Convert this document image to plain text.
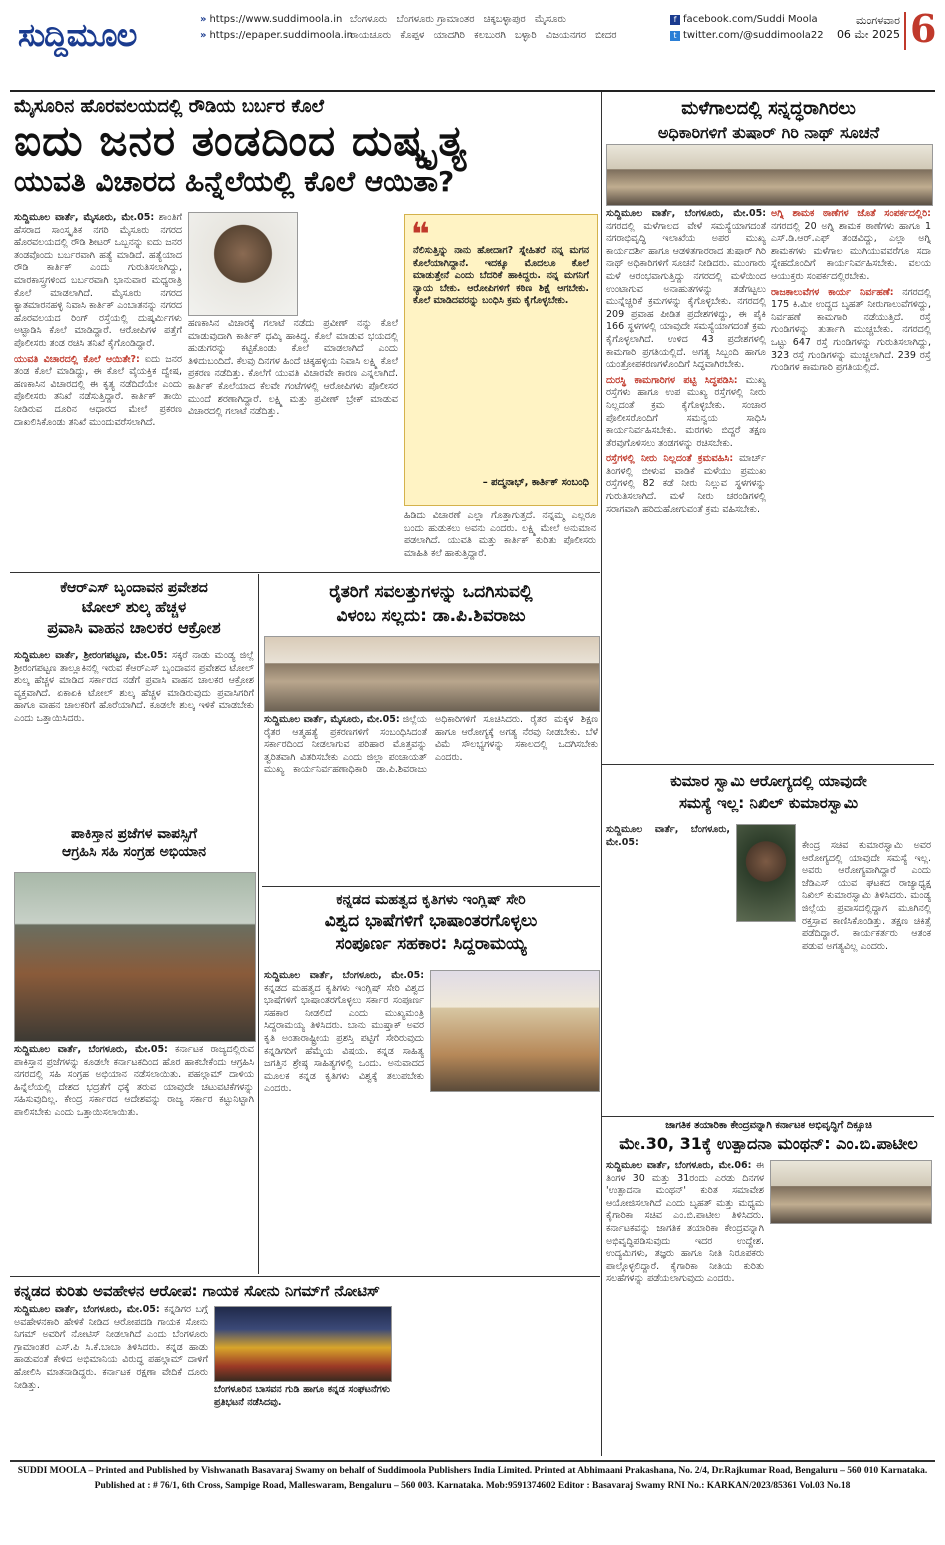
ಸುದ್ದಿಮೂಲ	» https://www.suddimoola.in
» https://epaper.suddimoola.in
ಬೆಂಗಳೂರು ಬೆಂಗಳೂರು ಗ್ರಾಮಾಂತರ ಚಿಕ್ಕಬಳ್ಳಾಪುರ ಮೈಸೂರು
ರಾಯಚೂರು ಕೊಪ್ಪಳ ಯಾದಗಿರಿ ಕಲಬುರಗಿ ಬಳ್ಳಾರಿ ವಿಜಯನಗರ ಬೀದರ
f facebook.com/Suddi Moola
t twitter.com/@suddimoola22
ಮಂಗಳವಾರ
06 ಮೇ 2025 6
ಮೈಸೂರಿನ ಹೊರವಲಯದಲ್ಲಿ ರೌಡಿಯ ಬರ್ಬರ ಕೊಲೆ
ಐದು ಜನರ ತಂಡದಿಂದ ದುಷ್ಕೃತ್ಯ
ಯುವತಿ ವಿಚಾರದ ಹಿನ್ನೆಲೆಯಲ್ಲಿ ಕೊಲೆ ಆಯಿತಾ?

ಸುದ್ದಿಮೂಲ ವಾರ್ತೆ, ಮೈಸೂರು, ಮೇ.05: ಶಾಂತಿಗೆ ಹೆಸರಾದ ಸಾಂಸ್ಕೃತಿಕ ನಗರಿ ಮೈಸೂರು ನಗರದ ಹೊರವಲಯದಲ್ಲಿ ರೌಡಿ ಶೀಟರ್ ಒಬ್ಬನನ್ನು ಐದು ಜನರ ತಂಡವೊಂದು ಬರ್ಬರವಾಗಿ ಹತ್ಯೆ ಮಾಡಿದೆ. ಹತ್ಯೆಯಾದ ರೌಡಿ ಕಾರ್ತಿಕ್ ಎಂದು ಗುರುತಿಸಲಾಗಿದ್ದು, ಮಾರಕಾಸ್ತ್ರಗಳಿಂದ ಬರ್ಬರವಾಗಿ ಭಾನುವಾರ ಮಧ್ಯರಾತ್ರಿ ಕೊಲೆ ಮಾಡಲಾಗಿದೆ. ಮೈಸೂರು ನಗರದ ಕ್ಯಾತಮಾರನಹಳ್ಳಿ ನಿವಾಸಿ ಕಾರ್ತಿಕ್ ಎಂಬಾತನನ್ನು ನಗರದ ಹೊರವಲಯದ ರಿಂಗ್ ರಸ್ತೆಯಲ್ಲಿ ದುಷ್ಕರ್ಮಿಗಳು ಅಟ್ಟಾಡಿಸಿ ಕೊಲೆ ಮಾಡಿದ್ದಾರೆ. ಆರೋಪಿಗಳ ಪತ್ತೆಗೆ ಪೊಲೀಸರು ತಂಡ ರಚಿಸಿ ತನಿಖೆ ಕೈಗೊಂಡಿದ್ದಾರೆ.

ಯುವತಿ ವಿಚಾರದಲ್ಲಿ ಕೊಲೆ ಆಯಿತೇ?: ಐದು ಜನರ ತಂಡ ಕೊಲೆ ಮಾಡಿದ್ದು, ಈ ಕೊಲೆ ವೈಯಕ್ತಿಕ ದ್ವೇಷ, ಹಣಕಾಸಿನ ವಿಚಾರದಲ್ಲಿ ಈ ಕೃತ್ಯ ನಡೆದಿದೆಯೇ ಎಂದು ಪೊಲೀಸರು ತನಿಖೆ ನಡೆಸುತ್ತಿದ್ದಾರೆ. ಕಾರ್ತಿಕ್ ತಾಯಿ ನೀಡಿರುವ ದೂರಿನ ಆಧಾರದ ಮೇಲೆ ಪ್ರಕರಣ ದಾಖಲಿಸಿಕೊಂಡು ತನಿಖೆ ಮುಂದುವರೆಸಲಾಗಿದೆ.

ಹಣಕಾಸಿನ ವಿಚಾರಕ್ಕೆ ಗಲಾಟೆ ನಡೆದು ಪ್ರವೀಣ್ ನನ್ನು ಕೊಲೆ ಮಾಡುವುದಾಗಿ ಕಾರ್ತಿಕ್ ಧಮ್ಕಿ ಹಾಕಿದ್ದ. ಕೊಲೆ ಮಾಡುವ ಭಯದಲ್ಲಿ ಹುಡುಗರನ್ನು ಕಟ್ಟಿಕೊಂಡು ಕೊಲೆ ಮಾಡಲಾಗಿದೆ ಎಂದು ತಿಳಿದುಬಂದಿದೆ. ಕೆಲವು ದಿನಗಳ ಹಿಂದೆ ಚಿಕ್ಕಹಳ್ಳಿಯ ನಿವಾಸಿ ಲಕ್ಷ್ಮಿ ಕೊಲೆ ಪ್ರಕರಣ ನಡೆದಿತ್ತು. ಕೊಲೆಗೆ ಯುವತಿ ವಿಚಾರವೇ ಕಾರಣ ಎನ್ನಲಾಗಿದೆ. ಕಾರ್ತಿಕ್ ಕೊಲೆಯಾದ ಕೆಲವೇ ಗಂಟೆಗಳಲ್ಲಿ ಆರೋಪಿಗಳು ಪೊಲೀಸರ ಮುಂದೆ ಶರಣಾಗಿದ್ದಾರೆ. ಲಕ್ಷ್ಮಿ ಮತ್ತು ಪ್ರವೀಣ್ ಬ್ರೇಕ್ ಮಾಡುವ ವಿಚಾರದಲ್ಲಿ ಗಲಾಟೆ ನಡೆದಿತ್ತು.

❝
ನೆಲಿಸುತ್ತಿನ್ನು ನಾನು ಹೋದಾಗ? ಸ್ನೇಹಿತರೆ ನನ್ನ ಮಗನ ಕೊಲೆಯಾಗಿದ್ದಾನೆ. ಇದಕ್ಕೂ ಮೊದಲೂ ಕೊಲೆ ಮಾಡುತ್ತೇನೆ ಎಂದು ಬೆದರಿಕೆ ಹಾಕಿದ್ದರು. ನನ್ನ ಮಗನಿಗೆ ನ್ಯಾಯ ಬೇಕು. ಆರೋಪಿಗಳಿಗೆ ಕಠಿಣ ಶಿಕ್ಷೆ ಆಗಬೇಕು. ಕೊಲೆ ಮಾಡಿದವರನ್ನು ಬಂಧಿಸಿ ಕ್ರಮ ಕೈಗೊಳ್ಳಬೇಕು.
– ಪದ್ಮನಾಭ್, ಕಾರ್ತಿಕ್ ಸಂಬಂಧಿ

ಹಿಡಿದು ವಿಚಾರಣೆ ಎಲ್ಲಾ ಗೊತ್ತಾಗುತ್ತದೆ. ನನ್ನಮ್ಮ ಎಲ್ಲರೂ ಬಂದು ಹುಡುಕಲು ಅವನು ಎಂದರು. ಲಕ್ಷ್ಮಿ ಮೇಲೆ ಅನುಮಾನ ಪಡಲಾಗಿದೆ. ಯುವತಿ ಮತ್ತು ಕಾರ್ತಿಕ್ ಕುರಿತು ಪೊಲೀಸರು ಮಾಹಿತಿ ಕಲೆ ಹಾಕುತ್ತಿದ್ದಾರೆ.

ಮಳೆಗಾಲದಲ್ಲಿ ಸನ್ನದ್ಧರಾಗಿರಲು
ಅಧಿಕಾರಿಗಳಿಗೆ ತುಷಾರ್ ಗಿರಿ ನಾಥ್ ಸೂಚನೆ

ಸುದ್ದಿಮೂಲ ವಾರ್ತೆ, ಬೆಂಗಳೂರು, ಮೇ.05: ನಗರದಲ್ಲಿ ಮಳೆಗಾಲದ ವೇಳೆ ಸಮಸ್ಯೆಯಾಗದಂತೆ ನಗರಾಭಿವೃದ್ಧಿ ಇಲಾಖೆಯ ಅಪರ ಮುಖ್ಯ ಕಾರ್ಯದರ್ಶಿ ಹಾಗೂ ಆಡಳಿತಗಾರರಾದ ತುಷಾರ್ ಗಿರಿ ನಾಥ್ ಅಧಿಕಾರಿಗಳಿಗೆ ಸೂಚನೆ ನೀಡಿದರು. ಮುಂಗಾರು ಮಳೆ ಆರಂಭವಾಗುತ್ತಿದ್ದು ನಗರದಲ್ಲಿ ಮಳೆಯಿಂದ ಉಂಟಾಗುವ ಅನಾಹುತಗಳನ್ನು ತಡೆಗಟ್ಟಲು ಮುನ್ನೆಚ್ಚರಿಕೆ ಕ್ರಮಗಳನ್ನು ಕೈಗೊಳ್ಳಬೇಕು. ನಗರದಲ್ಲಿ 209 ಪ್ರವಾಹ ಪೀಡಿತ ಪ್ರದೇಶಗಳಿದ್ದು, ಈ ಪೈಕಿ 166 ಸ್ಥಳಗಳಲ್ಲಿ ಯಾವುದೇ ಸಮಸ್ಯೆಯಾಗದಂತೆ ಕ್ರಮ ಕೈಗೊಳ್ಳಲಾಗಿದೆ. ಉಳಿದ 43 ಪ್ರದೇಶಗಳಲ್ಲಿ ಕಾಮಗಾರಿ ಪ್ರಗತಿಯಲ್ಲಿದೆ. ಅಗತ್ಯ ಸಿಬ್ಬಂದಿ ಹಾಗೂ ಯಂತ್ರೋಪಕರಣಗಳೊಂದಿಗೆ ಸಿದ್ಧವಾಗಿರಬೇಕು.

ದುರಸ್ಥಿ ಕಾಮಗಾರಿಗಳ ಪಟ್ಟಿ ಸಿದ್ಧಪಡಿಸಿ: ಮುಖ್ಯ ರಸ್ತೆಗಳು ಹಾಗೂ ಉಪ ಮುಖ್ಯ ರಸ್ತೆಗಳಲ್ಲಿ ನೀರು ನಿಲ್ಲದಂತೆ ಕ್ರಮ ಕೈಗೊಳ್ಳಬೇಕು. ಸಂಚಾರ ಪೊಲೀಸರೊಂದಿಗೆ ಸಮನ್ವಯ ಸಾಧಿಸಿ ಕಾರ್ಯನಿರ್ವಹಿಸಬೇಕು. ಮರಗಳು ಬಿದ್ದರೆ ತಕ್ಷಣ ತೆರವುಗೊಳಿಸಲು ತಂಡಗಳನ್ನು ರಚಿಸಬೇಕು.

ರಸ್ತೆಗಳಲ್ಲಿ ನೀರು ನಿಲ್ಲದಂತೆ ಕ್ರಮವಹಿಸಿ: ಮಾರ್ಚ್ ತಿಂಗಳಲ್ಲಿ ಬೀಳುವ ವಾಡಿಕೆ ಮಳೆಯು ಪ್ರಮುಖ ರಸ್ತೆಗಳಲ್ಲಿ 82 ಕಡೆ ನೀರು ನಿಲ್ಲುವ ಸ್ಥಳಗಳನ್ನು ಗುರುತಿಸಲಾಗಿದೆ. ಮಳೆ ನೀರು ಚರಂಡಿಗಳಲ್ಲಿ ಸರಾಗವಾಗಿ ಹರಿದುಹೋಗುವಂತೆ ಕ್ರಮ ವಹಿಸಬೇಕು.

ಅಗ್ನಿ ಶಾಮಕ ಠಾಣೆಗಳ ಜೊತೆ ಸಂಪರ್ಕದಲ್ಲಿರಿ: ನಗರದಲ್ಲಿ 20 ಅಗ್ನಿ ಶಾಮಕ ಠಾಣೆಗಳು ಹಾಗೂ 1 ಎಸ್.ಡಿ.ಆರ್.ಎಫ್ ತಂಡವಿದ್ದು, ಎಲ್ಲಾ ಅಗ್ನಿ ಶಾಮಕಗಳು ಮಳೆಗಾಲ ಮುಗಿಯುವವರೆಗೂ ಸದಾ ಸ್ನೇಹದೊಂದಿಗೆ ಕಾರ್ಯನಿರ್ವಹಿಸಬೇಕು. ವಲಯ ಆಯುಕ್ತರು ಸಂಪರ್ಕದಲ್ಲಿರಬೇಕು.

ರಾಜಕಾಲುವೆಗಳ ಕಾರ್ಯ ನಿರ್ವಹಣೆ: ನಗರದಲ್ಲಿ 175 ಕಿ.ಮೀ ಉದ್ದದ ಬೃಹತ್ ನೀರುಗಾಲುವೆಗಳಿದ್ದು, ನಿರ್ವಹಣೆ ಕಾಮಗಾರಿ ನಡೆಯುತ್ತಿದೆ. ರಸ್ತೆ ಗುಂಡಿಗಳನ್ನು ತುರ್ತಾಗಿ ಮುಚ್ಚಬೇಕು. ನಗರದಲ್ಲಿ ಒಟ್ಟು 647 ರಸ್ತೆ ಗುಂಡಿಗಳನ್ನು ಗುರುತಿಸಲಾಗಿದ್ದು, 323 ರಸ್ತೆ ಗುಂಡಿಗಳನ್ನು ಮುಚ್ಚಲಾಗಿದೆ. 239 ರಸ್ತೆ ಗುಂಡಿಗಳ ಕಾಮಗಾರಿ ಪ್ರಗತಿಯಲ್ಲಿದೆ.

ಕೆಆರ್‌ಎಸ್ ಬೃಂದಾವನ ಪ್ರವೇಶದ
ಟೋಲ್ ಶುಲ್ಕ ಹೆಚ್ಚಳ
ಪ್ರವಾಸಿ ವಾಹನ ಚಾಲಕರ ಆಕ್ರೋಶ

ಸುದ್ದಿಮೂಲ ವಾರ್ತೆ, ಶ್ರೀರಂಗಪಟ್ಟಣ, ಮೇ.05: ಸಕ್ಕರೆ ನಾಡು ಮಂಡ್ಯ ಜಿಲ್ಲೆ ಶ್ರೀರಂಗಪಟ್ಟಣ ತಾಲ್ಲೂಕಿನಲ್ಲಿ ಇರುವ ಕೆಆರ್‌ಎಸ್ ಬೃಂದಾವನ ಪ್ರವೇಶದ ಟೋಲ್ ಶುಲ್ಕ ಹೆಚ್ಚಳ ಮಾಡಿದ ಸರ್ಕಾರದ ನಡೆಗೆ ಪ್ರವಾಸಿ ವಾಹನ ಚಾಲಕರ ಆಕ್ರೋಶ ವ್ಯಕ್ತವಾಗಿದೆ. ಏಕಾಏಕಿ ಟೋಲ್ ಶುಲ್ಕ ಹೆಚ್ಚಳ ಮಾಡಿರುವುದು ಪ್ರವಾಸಿಗರಿಗೆ ಹಾಗೂ ವಾಹನ ಚಾಲಕರಿಗೆ ಹೊರೆಯಾಗಿದೆ. ಕೂಡಲೇ ಶುಲ್ಕ ಇಳಿಕೆ ಮಾಡಬೇಕು ಎಂದು ಒತ್ತಾಯಿಸಿದರು.

ಪಾಕಿಸ್ತಾನ ಪ್ರಜೆಗಳ ವಾಪಸ್ಸಿಗೆ
ಆಗ್ರಹಿಸಿ ಸಹಿ ಸಂಗ್ರಹ ಅಭಿಯಾನ

ಸುದ್ದಿಮೂಲ ವಾರ್ತೆ, ಬೆಂಗಳೂರು, ಮೇ.05: ಕರ್ನಾಟಕ ರಾಜ್ಯದಲ್ಲಿರುವ ಪಾಕಿಸ್ತಾನ ಪ್ರಜೆಗಳನ್ನು ಕೂಡಲೇ ಕರ್ನಾಟಕದಿಂದ ಹೊರ ಹಾಕಬೇಕೆಂದು ಆಗ್ರಹಿಸಿ ನಗರದಲ್ಲಿ ಸಹಿ ಸಂಗ್ರಹ ಅಭಿಯಾನ ನಡೆಸಲಾಯಿತು. ಪಹಲ್ಗಾಮ್ ದಾಳಿಯ ಹಿನ್ನೆಲೆಯಲ್ಲಿ ದೇಶದ ಭದ್ರತೆಗೆ ಧಕ್ಕೆ ತರುವ ಯಾವುದೇ ಚಟುವಟಿಕೆಗಳನ್ನು ಸಹಿಸುವುದಿಲ್ಲ. ಕೇಂದ್ರ ಸರ್ಕಾರದ ಆದೇಶವನ್ನು ರಾಜ್ಯ ಸರ್ಕಾರ ಕಟ್ಟುನಿಟ್ಟಾಗಿ ಪಾಲಿಸಬೇಕು ಎಂದು ಒತ್ತಾಯಿಸಲಾಯಿತು.

ರೈತರಿಗೆ ಸವಲತ್ತುಗಳನ್ನು ಒದಗಿಸುವಲ್ಲಿ
ವಿಳಂಬ ಸಲ್ಲದು: ಡಾ.ಪಿ.ಶಿವರಾಜು

ಸುದ್ದಿಮೂಲ ವಾರ್ತೆ, ಮೈಸೂರು, ಮೇ.05: ಜಿಲ್ಲೆಯ ರೈತರ ಆತ್ಮಹತ್ಯೆ ಪ್ರಕರಣಗಳಿಗೆ ಸಂಬಂಧಿಸಿದಂತೆ ಸರ್ಕಾರದಿಂದ ನೀಡಲಾಗುವ ಪರಿಹಾರ ಮೊತ್ತವನ್ನು ತ್ವರಿತವಾಗಿ ವಿತರಿಸಬೇಕು ಎಂದು ಜಿಲ್ಲಾ ಪಂಚಾಯತ್ ಮುಖ್ಯ ಕಾರ್ಯನಿರ್ವಹಣಾಧಿಕಾರಿ ಡಾ.ಪಿ.ಶಿವರಾಜು ಅಧಿಕಾರಿಗಳಿಗೆ ಸೂಚಿಸಿದರು. ರೈತರ ಮಕ್ಕಳ ಶಿಕ್ಷಣ ಹಾಗೂ ಆರೋಗ್ಯಕ್ಕೆ ಅಗತ್ಯ ನೆರವು ನೀಡಬೇಕು. ಬೆಳೆ ವಿಮೆ ಸೌಲಭ್ಯಗಳನ್ನು ಸಕಾಲದಲ್ಲಿ ಒದಗಿಸಬೇಕು ಎಂದರು.

ಕನ್ನಡದ ಮಹತ್ವದ ಕೃತಿಗಳು ಇಂಗ್ಲಿಷ್ ಸೇರಿ
ವಿಶ್ವದ ಭಾಷೆಗಳಿಗೆ ಭಾಷಾಂತರಗೊಳ್ಳಲು
ಸಂಪೂರ್ಣ ಸಹಕಾರ: ಸಿದ್ದರಾಮಯ್ಯ

ಸುದ್ದಿಮೂಲ ವಾರ್ತೆ, ಬೆಂಗಳೂರು, ಮೇ.05: ಕನ್ನಡದ ಮಹತ್ವದ ಕೃತಿಗಳು ಇಂಗ್ಲಿಷ್ ಸೇರಿ ವಿಶ್ವದ ಭಾಷೆಗಳಿಗೆ ಭಾಷಾಂತರಗೊಳ್ಳಲು ಸರ್ಕಾರ ಸಂಪೂರ್ಣ ಸಹಕಾರ ನೀಡಲಿದೆ ಎಂದು ಮುಖ್ಯಮಂತ್ರಿ ಸಿದ್ದರಾಮಯ್ಯ ತಿಳಿಸಿದರು. ಬಾನು ಮುಷ್ತಾಕ್ ಅವರ ಕೃತಿ ಅಂತಾರಾಷ್ಟ್ರೀಯ ಪ್ರಶಸ್ತಿ ಪಟ್ಟಿಗೆ ಸೇರಿರುವುದು ಕನ್ನಡಿಗರಿಗೆ ಹೆಮ್ಮೆಯ ವಿಷಯ. ಕನ್ನಡ ಸಾಹಿತ್ಯ ಜಗತ್ತಿನ ಶ್ರೇಷ್ಠ ಸಾಹಿತ್ಯಗಳಲ್ಲಿ ಒಂದು. ಅನುವಾದದ ಮೂಲಕ ಕನ್ನಡ ಕೃತಿಗಳು ವಿಶ್ವಕ್ಕೆ ತಲುಪಬೇಕು ಎಂದರು.

ಕುಮಾರ ಸ್ವಾಮಿ ಆರೋಗ್ಯದಲ್ಲಿ ಯಾವುದೇ
ಸಮಸ್ಯೆ ಇಲ್ಲ: ನಿಖಿಲ್ ಕುಮಾರಸ್ವಾಮಿ

ಸುದ್ದಿಮೂಲ ವಾರ್ತೆ, ಬೆಂಗಳೂರು, ಮೇ.05:	ಕೇಂದ್ರ ಸಚಿವ ಕುಮಾರಸ್ವಾಮಿ ಅವರ ಆರೋಗ್ಯದಲ್ಲಿ ಯಾವುದೇ ಸಮಸ್ಯೆ ಇಲ್ಲ. ಅವರು ಆರೋಗ್ಯವಾಗಿದ್ದಾರೆ ಎಂದು ಜೆಡಿಎಸ್ ಯುವ ಘಟಕದ ರಾಜ್ಯಾಧ್ಯಕ್ಷ ನಿಖಿಲ್ ಕುಮಾರಸ್ವಾಮಿ ತಿಳಿಸಿದರು. ಮಂಡ್ಯ ಜಿಲ್ಲೆಯ ಪ್ರವಾಸದಲ್ಲಿದ್ದಾಗ ಮೂಗಿನಲ್ಲಿ ರಕ್ತಸ್ರಾವ ಕಾಣಿಸಿಕೊಂಡಿತ್ತು. ತಕ್ಷಣ ಚಿಕಿತ್ಸೆ ಪಡೆದಿದ್ದಾರೆ. ಕಾರ್ಯಕರ್ತರು ಆತಂಕ ಪಡುವ ಅಗತ್ಯವಿಲ್ಲ ಎಂದರು.

ಜಾಗತಿಕ ತಯಾರಿಕಾ ಕೇಂದ್ರವನ್ನಾಗಿ ಕರ್ನಾಟಕ ಅಭಿವೃದ್ಧಿಗೆ ದಿಕ್ಸೂಚಿ
ಮೇ.30, 31ಕ್ಕೆ ಉತ್ಪಾದನಾ ಮಂಥನ್: ಎಂ.ಬಿ.ಪಾಟೀಲ

ಸುದ್ದಿಮೂಲ ವಾರ್ತೆ, ಬೆಂಗಳೂರು, ಮೇ.06: ಈ ತಿಂಗಳ 30 ಮತ್ತು 31ರಂದು ಎರಡು ದಿನಗಳ 'ಉತ್ಪಾದನಾ ಮಂಥನ್' ಕುರಿತ ಸಮಾವೇಶ ಆಯೋಜಿಸಲಾಗಿದೆ ಎಂದು ಬೃಹತ್ ಮತ್ತು ಮಧ್ಯಮ ಕೈಗಾರಿಕಾ ಸಚಿವ ಎಂ.ಬಿ.ಪಾಟೀಲ ತಿಳಿಸಿದರು. ಕರ್ನಾಟಕವನ್ನು ಜಾಗತಿಕ ತಯಾರಿಕಾ ಕೇಂದ್ರವನ್ನಾಗಿ ಅಭಿವೃದ್ಧಿಪಡಿಸುವುದು ಇದರ ಉದ್ದೇಶ. ಉದ್ಯಮಿಗಳು, ತಜ್ಞರು ಹಾಗೂ ನೀತಿ ನಿರೂಪಕರು ಪಾಲ್ಗೊಳ್ಳಲಿದ್ದಾರೆ. ಕೈಗಾರಿಕಾ ನೀತಿಯ ಕುರಿತು ಸಲಹೆಗಳನ್ನು ಪಡೆಯಲಾಗುವುದು ಎಂದರು.

ಕನ್ನಡದ ಕುರಿತು ಅವಹೇಳನ ಆರೋಪ: ಗಾಯಕ ಸೋನು ನಿಗಮ್‌ಗೆ ನೋಟಿಸ್

ಸುದ್ದಿಮೂಲ ವಾರ್ತೆ, ಬೆಂಗಳೂರು, ಮೇ.05: ಕನ್ನಡಿಗರ ಬಗ್ಗೆ ಅವಹೇಳನಕಾರಿ ಹೇಳಿಕೆ ನೀಡಿದ ಆರೋಪದಡಿ ಗಾಯಕ ಸೋನು ನಿಗಮ್ ಅವರಿಗೆ ನೋಟಿಸ್ ನೀಡಲಾಗಿದೆ ಎಂದು ಬೆಂಗಳೂರು ಗ್ರಾಮಾಂತರ ಎಸ್.ಪಿ ಸಿ.ಕೆ.ಬಾಬಾ ತಿಳಿಸಿದರು. ಕನ್ನಡ ಹಾಡು ಹಾಡುವಂತೆ ಕೇಳಿದ ಅಭಿಮಾನಿಯ ವಿರುದ್ಧ ಪಹಲ್ಗಾಮ್ ದಾಳಿಗೆ ಹೋಲಿಸಿ ಮಾತನಾಡಿದ್ದರು. ಕರ್ನಾಟಕ ರಕ್ಷಣಾ ವೇದಿಕೆ ದೂರು ನೀಡಿತ್ತು.	ಬೆಂಗಳೂರಿನ ಬಾಸವನ ಗುಡಿ ಹಾಗೂ ಕನ್ನಡ ಸಂಘಟನೆಗಳು ಪ್ರತಿಭಟನೆ ನಡೆಸಿದವು.
SUDDI MOOLA – Printed and Published by Vishwanath Basavaraj Swamy on behalf of Suddimoola Publishers India Limited. Printed at Abhimaani Prakashana, No. 2/4, Dr.Rajkumar Road, Bengaluru – 560 010 Karnataka.
Published at : # 76/1, 6th Cross, Sampige Road, Malleswaram, Bengaluru – 560 003. Karnataka. Mob:9591374602 Editor : Basavaraj Swamy RNI No.: KARKAN/2023/85361 Vol.03 No.18
